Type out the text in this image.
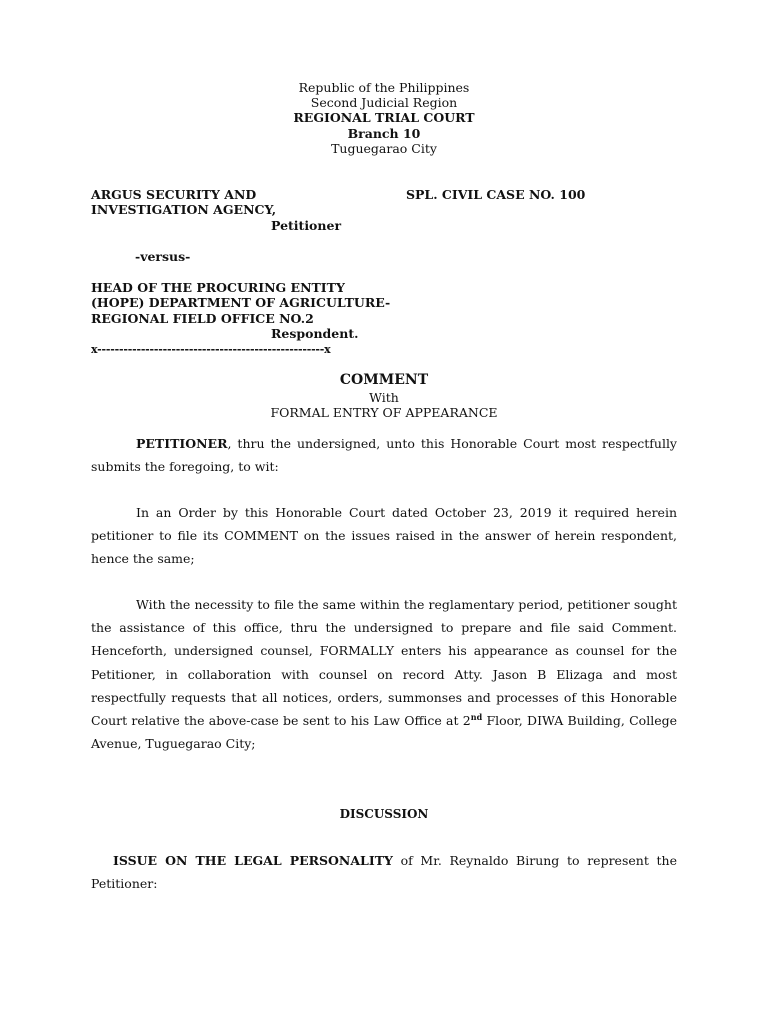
Republic of the Philippines
Second Judicial Region
REGIONAL TRIAL COURT
Branch 10
Tuguegarao City
ARGUS SECURITY AND
INVESTIGATION AGENCY,
Petitioner
SPL. CIVIL CASE NO. 100
-versus-
HEAD OF THE PROCURING ENTITY
(HOPE) DEPARTMENT OF AGRICULTURE-
REGIONAL FIELD OFFICE NO.2
Respondent.
x----------------------------------------------------x
COMMENT
With
FORMAL ENTRY OF APPEARANCE
PETITIONER, thru the undersigned, unto this Honorable Court most respectfully submits the foregoing, to wit:
In an Order by this Honorable Court dated October 23, 2019 it required herein petitioner to file its COMMENT on the issues raised in the answer of herein respondent, hence the same;
With the necessity to file the same within the reglamentary period, petitioner sought the assistance of this office, thru the undersigned to prepare and file said Comment. Henceforth, undersigned counsel, FORMALLY enters his appearance as counsel for the Petitioner, in collaboration with counsel on record Atty. Jason B Elizaga and most respectfully requests that all notices, orders, summonses and processes of this Honorable Court relative the above-case be sent to his Law Office at 2nd Floor, DIWA Building, College Avenue, Tuguegarao City;
DISCUSSION
ISSUE ON THE LEGAL PERSONALITY of Mr. Reynaldo Birung to represent the Petitioner:
